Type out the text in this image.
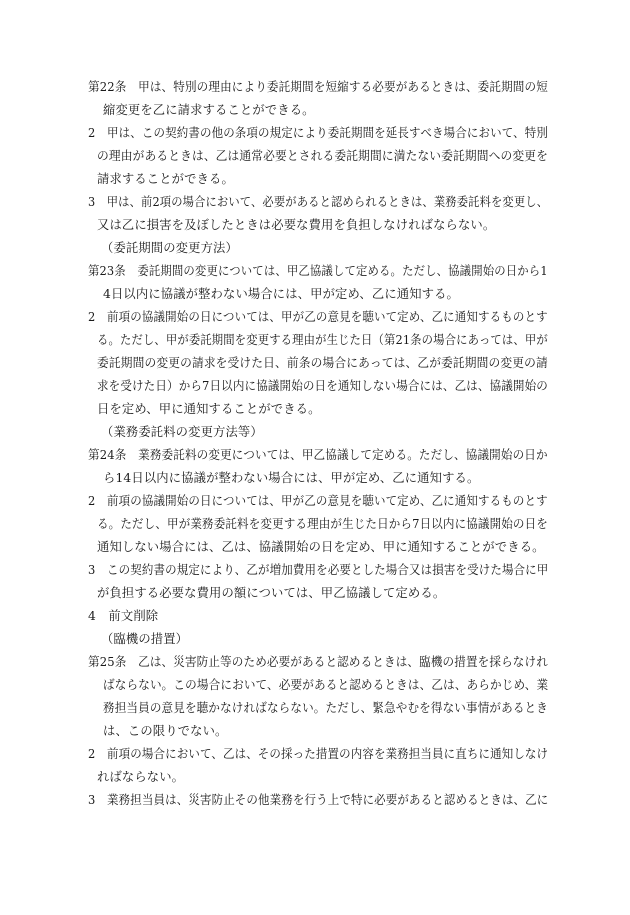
第22条　甲は、特別の理由により委託期間を短縮する必要があるときは、委託期間の短
縮変更を乙に請求することができる。
2　甲は、この契約書の他の条項の規定により委託期間を延長すべき場合において、特別
の理由があるときは、乙は通常必要とされる委託期間に満たない委託期間への変更を
請求することができる。
3　甲は、前2項の場合において、必要があると認められるときは、業務委託料を変更し、
又は乙に損害を及ぼしたときは必要な費用を負担しなければならない。
（委託期間の変更方法）
第23条　委託期間の変更については、甲乙協議して定める。ただし、協議開始の日から1
4日以内に協議が整わない場合には、甲が定め、乙に通知する。
2　前項の協議開始の日については、甲が乙の意見を聴いて定め、乙に通知するものとす
る。ただし、甲が委託期間を変更する理由が生じた日（第21条の場合にあっては、甲が
委託期間の変更の請求を受けた日、前条の場合にあっては、乙が委託期間の変更の請
求を受けた日）から7日以内に協議開始の日を通知しない場合には、乙は、協議開始の
日を定め、甲に通知することができる。
（業務委託料の変更方法等）
第24条　業務委託料の変更については、甲乙協議して定める。ただし、協議開始の日か
ら14日以内に協議が整わない場合には、甲が定め、乙に通知する。
2　前項の協議開始の日については、甲が乙の意見を聴いて定め、乙に通知するものとす
る。ただし、甲が業務委託料を変更する理由が生じた日から7日以内に協議開始の日を
通知しない場合には、乙は、協議開始の日を定め、甲に通知することができる。
3　この契約書の規定により、乙が増加費用を必要とした場合又は損害を受けた場合に甲
が負担する必要な費用の額については、甲乙協議して定める。
4　前文削除
（臨機の措置）
第25条　乙は、災害防止等のため必要があると認めるときは、臨機の措置を採らなけれ
ばならない。この場合において、必要があると認めるときは、乙は、あらかじめ、業
務担当員の意見を聴かなければならない。ただし、緊急やむを得ない事情があるとき
は、この限りでない。
2　前項の場合において、乙は、その採った措置の内容を業務担当員に直ちに通知しなけ
ればならない。
3　業務担当員は、災害防止その他業務を行う上で特に必要があると認めるときは、乙に
